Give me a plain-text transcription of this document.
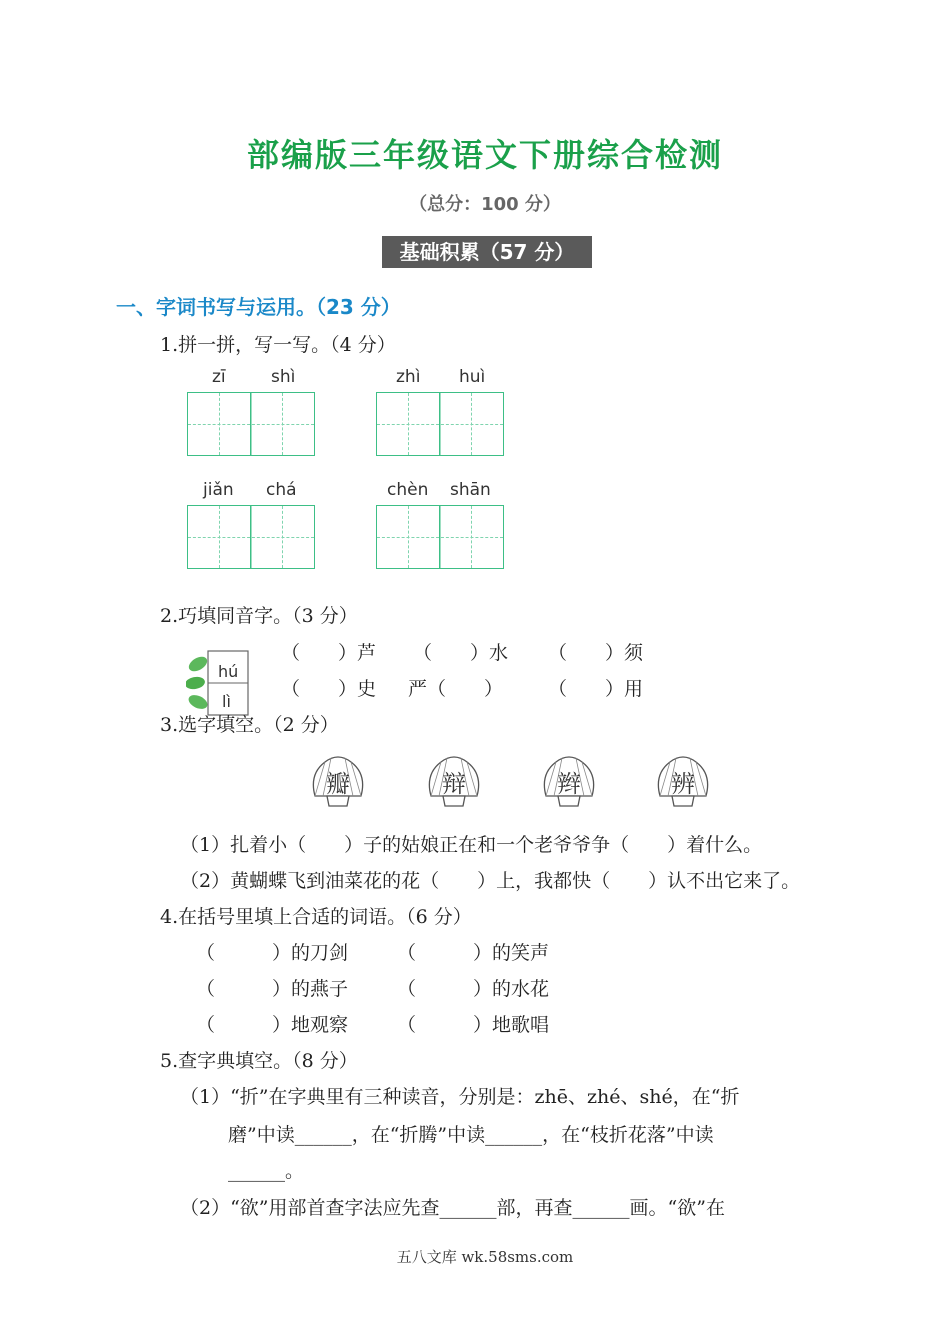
部编版三年级语文下册综合检测
（总分：100 分）
基础积累（57 分）
一、字词书写与运用。（23 分）
1.拼一拼，写一写。（4 分）
zī	shì	zhì huì
jiǎn chá	chèn shān
2.巧填同音字。（3 分）
hú
lì
（　　）芦 （　　）水 （　　）须
（　　）史 严（　　） （　　）用
3.选字填空。（2 分）
瓣	辩	辫	辨
（1）扎着小（　　）子的姑娘正在和一个老爷爷争（　　）着什么。
（2）黄蝴蝶飞到油菜花的花（　　）上，我都快（　　）认不出它来了。
4.在括号里填上合适的词语。（6 分）
（　　　）的刀剑	（　　　）的笑声
（　　　）的燕子	（　　　）的水花
（　　　）地观察	（　　　）地歌唱
5.查字典填空。（8 分）
（1）“折”在字典里有三种读音，分别是：zhē、zhé、shé，在“折
磨”中读______，在“折腾”中读______，在“枝折花落”中读
______。
（2）“欲”用部首查字法应先查______部，再查______画。“欲”在
五八文库 wk.58sms.com
